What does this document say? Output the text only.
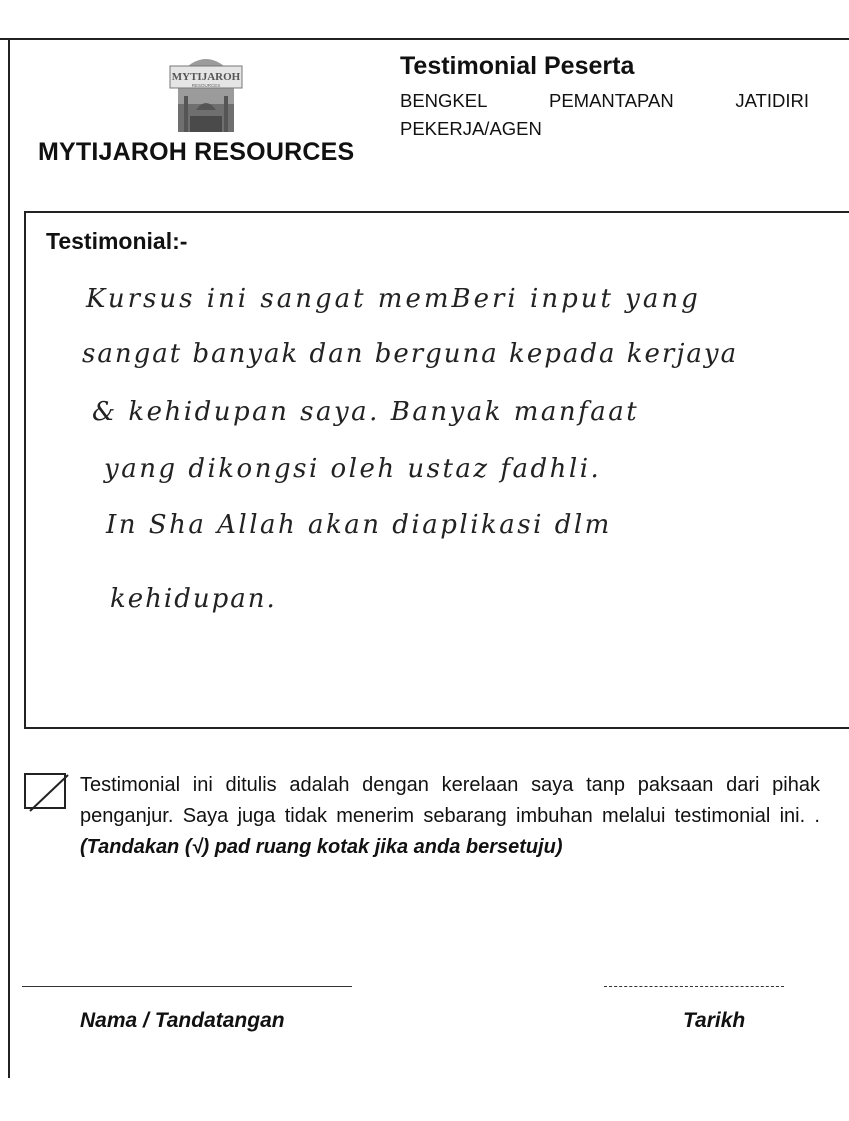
MYTIJAROH
RESOURCES
MYTIJAROH RESOURCES
Testimonial Peserta
BENGKEL	PEMANTAPAN	JATIDIRI
PEKERJA/AGEN
Testimonial:-
Kursus ini sangat memBeri input yang
sangat banyak dan berguna kepada kerjaya
& kehidupan saya. Banyak manfaat
yang dikongsi oleh ustaz fadhli.
In Sha Allah akan diaplikasi dlm
kehidupan.
Testimonial ini ditulis adalah dengan kerelaan saya tanp paksaan dari pihak penganjur. Saya juga tidak menerim sebarang imbuhan melalui testimonial ini. . (Tandakan (√) pad ruang kotak jika anda bersetuju)
Nama / Tandatangan	Tarikh
